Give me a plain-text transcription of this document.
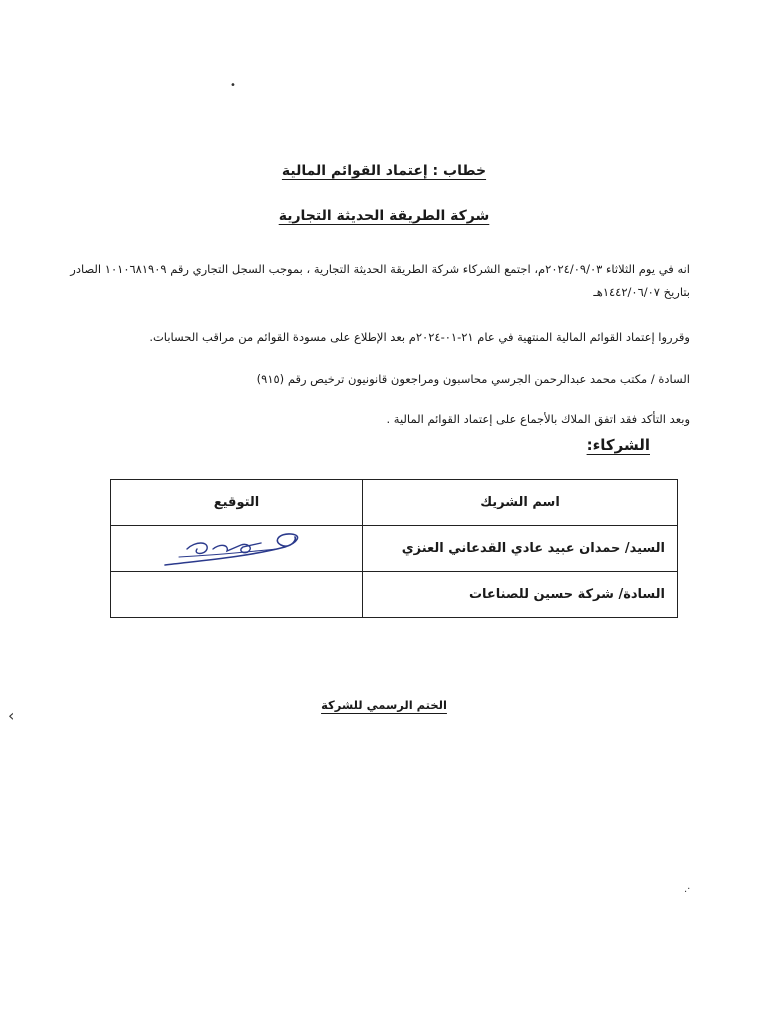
•
خطاب : إعتماد القوائم المالية
شركة الطريقة الحديثة التجارية

انه في يوم الثلاثاء ٢٠٢٤/٠٩/٠٣م، اجتمع الشركاء شركة الطريقة الحديثة التجارية ، بموجب السجل التجاري رقم ١٠١٠٦٨١٩٠٩ الصادر بتاريخ ١٤٤٢/٠٦/٠٧هـ

وقرروا إعتماد القوائم المالية المنتهية في عام ٢١-٠١-٢٠٢٤م بعد الإطلاع على مسودة القوائم من مراقب الحسابات.

السادة / مكتب محمد عبدالرحمن الجرسي محاسبون ومراجعون قانونيون ترخيص رقم (٩١٥)

وبعد التأكد فقد اتفق الملاك بالأجماع على إعتماد القوائم المالية .

الشركاء:
اسم الشريك	التوقيع
السيد/ حمدان عبيد عادي القدعاني العنزي	
السادة/ شركة حسين للصناعات	
الختم الرسمي للشركة
›
·.
